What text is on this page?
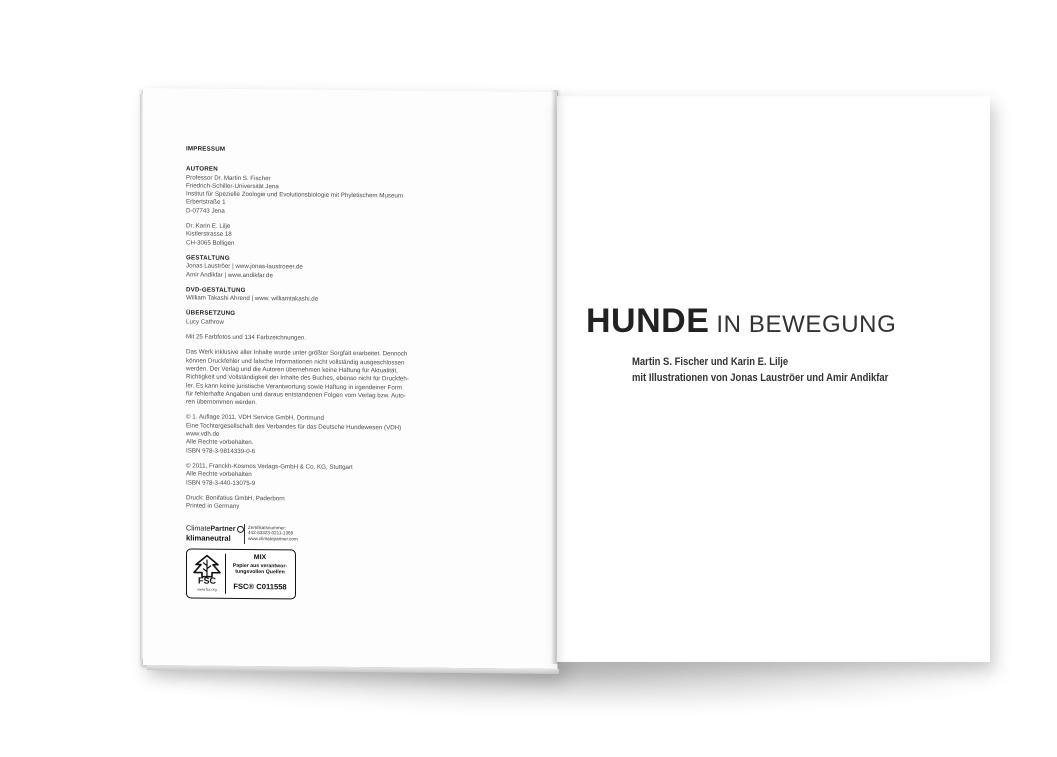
IMPRESSUM

AUTOREN

Professor Dr. Martin S. Fischer

Friedrich-Schiller-Universität Jena

Institut für Spezielle Zoologie und Evolutionsbiologie mit Phyletischem Museum

Erbertstraße 1

D-07743 Jena

Dr. Karin E. Lilje

Kistlerstrasse 18

CH-3065 Bolligen

GESTALTUNG

Jonas Lauströer | www.jonas-laustroeer.de

Amir Andikfar | www.andikfar.de

DVD-GESTALTUNG

William Takashi Ahrend | www. williamtakashi.de

ÜBERSETZUNG

Lucy Cathrow

Mit 25 Farbfotos und 134 Farbzeichnungen.

Das Werk inklusive aller Inhalte wurde unter größter Sorgfalt erarbeitet. Dennoch

können Druckfehler und falsche Informationen nicht vollständig ausgeschlossen

werden. Der Verlag und die Autoren übernehmen keine Haftung für Aktualität,

Richtigkeit und Vollständigkeit der Inhalte des Buches, ebenso nicht für Druckfeh-

ler. Es kann keine juristische Verantwortung sowie Haftung in irgendeiner Form

für fehlerhafte Angaben und daraus entstandenen Folgen vom Verlag bzw. Auto-

ren übernommen werden.

© 1. Auflage 2011, VDH Service GmbH, Dortmund

Eine Tochtergesellschaft des Verbandes für das Deutsche Hundewesen (VDH)

www.vdh.de

Alle Rechte vorbehalten.

ISBN 978-3-9814339-0-6

© 2011, Franckh-Kosmos Verlags-GmbH & Co. KG, Stuttgart

Alle Rechte vorbehalten

ISBN 978-3-440-13075-9

Druck: Bonifatius GmbH, Paderborn

Printed in Germany

ClimatePartner
klimaneutral
Zertifikatsnummer:
442-53323-0211-1369
www.climatepartner.com
FSC
www.fsc.org
MIX
Papier aus verantwor-
tungsvollen Quellen
FSC® C011558
HUNDE IN BEWEGUNG
Martin S. Fischer und Karin E. Lilje
mit Illustrationen von Jonas Lauströer und Amir Andikfar
